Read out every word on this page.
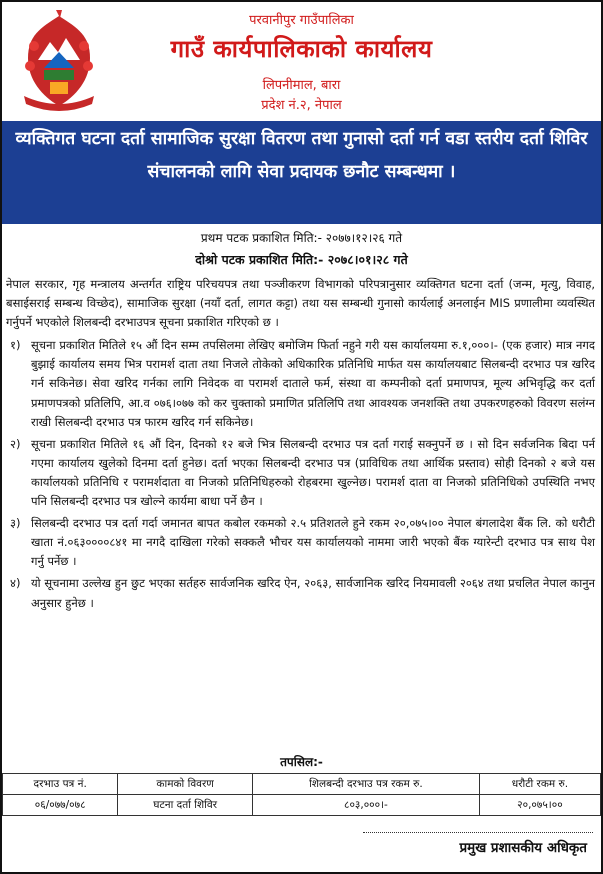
परवानीपुर गाउँपालिका
गाउँ कार्यपालिकाको कार्यालय
लिपनीमाल, बारा
प्रदेश नं.२, नेपाल
व्यक्तिगत घटना दर्ता सामाजिक सुरक्षा वितरण तथा गुनासो दर्ता गर्न वडा स्तरीय दर्ता शिविर संचालनको लागि सेवा प्रदायक छनौट सम्बन्धमा ।
प्रथम पटक प्रकाशित मिति:- २०७७।१२।२६ गते
दोश्रो पटक प्रकाशित मिति:- २०७८।०१।२८ गते

नेपाल सरकार, गृह मन्त्रालय अन्तर्गत राष्ट्रिय परिचयपत्र तथा पञ्जीकरण विभागको परिपत्रानुसार व्यक्तिगत घटना दर्ता (जन्म, मृत्यु, विवाह, बसाईसराई सम्बन्ध विच्छेद), सामाजिक सुरक्षा (नयाँ दर्ता, लागत कट्टा) तथा यस सम्बन्धी गुनासो कार्यलाई अनलाईन MIS प्रणालीमा व्यवस्थित गर्नुपर्ने भएकोले शिलबन्दी दरभाउपत्र सूचना प्रकाशित गरिएको छ ।

१) सूचना प्रकाशित मितिले १५ औं दिन सम्म तपसिलमा लेखिए बमोजिम फिर्ता नहुने गरी यस कार्यालयमा रु.१,०००।- (एक हजार) मात्र नगद बुझाई कार्यालय समय भित्र परामर्श दाता तथा निजले तोकेको अधिकारिक प्रतिनिधि मार्फत यस कार्यालयबाट सिलबन्दी दरभाउ पत्र खरिद गर्न सकिनेछ। सेवा खरिद गर्नका लागि निवेदक वा परामर्श दाताले फर्म, संस्था वा कम्पनीको दर्ता प्रमाणपत्र, मूल्य अभिवृद्धि कर दर्ता प्रमाणपत्रको प्रतिलिपि, आ.व ०७६।०७७ को कर चुक्ताको प्रमाणित प्रतिलिपि तथा आवश्यक जनशक्ति तथा उपकरणहरुको विवरण सलंग्न राखी सिलबन्दी दरभाउ पत्र फारम खरिद गर्न सकिनेछ।
२) सूचना प्रकाशित मितिले १६ औं दिन, दिनको १२ बजे भित्र सिलबन्दी दरभाउ पत्र दर्ता गराई सक्नुपर्ने छ । सो दिन सर्वजनिक बिदा पर्न गएमा कार्यालय खुलेको दिनमा दर्ता हुनेछ। दर्ता भएका सिलबन्दी दरभाउ पत्र (प्राविधिक तथा आर्थिक प्रस्ताव) सोही दिनको २ बजे यस कार्यालयको प्रतिनिधि र परामर्शदाता वा निजको प्रतिनिधिहरुको रोहबरमा खुल्नेछ। परामर्श दाता वा निजको प्रतिनिधिको उपस्थिति नभए पनि सिलबन्दी दरभाउ पत्र खोल्ने कार्यमा बाधा पर्ने छैन ।
३) सिलबन्दी दरभाउ पत्र दर्ता गर्दा जमानत बापत कबोल रकमको २.५ प्रतिशतले हुने रकम २०,०७५।०० नेपाल बंगलादेश बैंक लि. को धरौटी खाता नं.०६३००००८४१ मा नगदै दाखिला गरेको सक्कलै भौचर यस कार्यालयको नाममा जारी भएको बैंक ग्यारेन्टी दरभाउ पत्र साथ पेश गर्नु पर्नेछ ।
४) यो सूचनामा उल्लेख हुन छुट भएका सर्तहरु सार्वजनिक खरिद ऐन, २०६३, सार्वजानिक खरिद नियमावली २०६४ तथा प्रचलित नेपाल कानुन अनुसार हुनेछ ।
तपसिल:-
दरभाउ पत्र नं.	कामको विवरण	शिलबन्दी दरभाउ पत्र रकम रु.	धरौटी रकम रु.
०६/०७७/०७८	घटना दर्ता शिविर	८०३,०००।-	२०,०७५।००
प्रमुख प्रशासकीय अधिकृत
